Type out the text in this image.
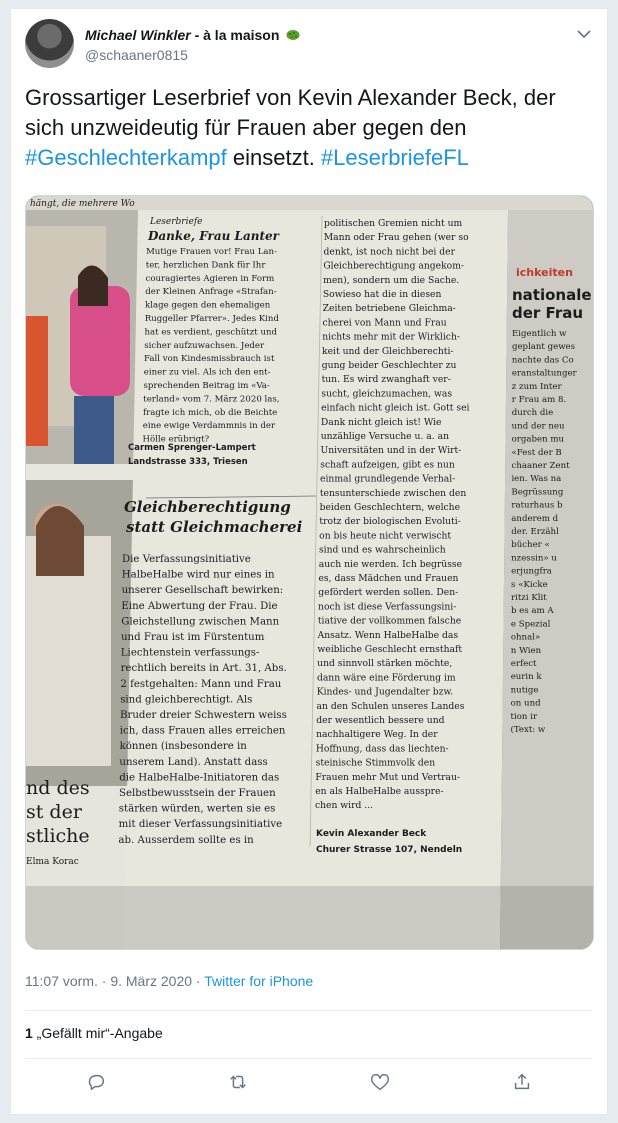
Michael Winkler - à la maison
@schaaner0815
Grossartiger Leserbrief von Kevin Alexander Beck, der sich unzweideutig für Frauen aber gegen den #Geschlechterkampf einsetzt. #LeserbriefeFL
hängt, die mehrere Wo
nd des
st der
stliche
Elma Korac
Leserbriefe
Danke, Frau Lanter
Mutige Frauen vor! Frau Lan-
ter, herzlichen Dank für Ihr
couragiertes Agieren in Form
der Kleinen Anfrage «Strafan-
klage gegen den ehemaligen
Ruggeller Pfarrer». Jedes Kind
hat es verdient, geschützt und
sicher aufzuwachsen. Jeder
Fall von Kindesmissbrauch ist
einer zu viel. Als ich den ent-
sprechenden Beitrag im «Va-
terland» vom 7. März 2020 las,
fragte ich mich, ob die Beichte
eine ewige Verdammnis in der
Hölle erübrigt?
Carmen Sprenger-Lampert
Landstrasse 333, Triesen
Gleichberechtigung
statt Gleichmacherei
Die Verfassungsinitiative
HalbeHalbe wird nur eines in
unserer Gesellschaft bewirken:
Eine Abwertung der Frau. Die
Gleichstellung zwischen Mann
und Frau ist im Fürstentum
Liechtenstein verfassungs-
rechtlich bereits in Art. 31, Abs.
2 festgehalten: Mann und Frau
sind gleichberechtigt. Als
Bruder dreier Schwestern weiss
ich, dass Frauen alles erreichen
können (insbesondere in
unserem Land). Anstatt dass
die HalbeHalbe-Initiatoren das
Selbstbewusstsein der Frauen
stärken würden, werten sie es
mit dieser Verfassungsinitiative
ab. Ausserdem sollte es in
politischen Gremien nicht um
Mann oder Frau gehen (wer so
denkt, ist noch nicht bei der
Gleichberechtigung angekom-
men), sondern um die Sache.
Sowieso hat die in diesen
Zeiten betriebene Gleichma-
cherei von Mann und Frau
nichts mehr mit der Wirklich-
keit und der Gleichberechti-
gung beider Geschlechter zu
tun. Es wird zwanghaft ver-
sucht, gleichzumachen, was
einfach nicht gleich ist. Gott sei
Dank nicht gleich ist! Wie
unzählige Versuche u. a. an
Universitäten und in der Wirt-
schaft aufzeigen, gibt es nun
einmal grundlegende Verhal-
tensunterschiede zwischen den
beiden Geschlechtern, welche
trotz der biologischen Evoluti-
on bis heute nicht verwischt
sind und es wahrscheinlich
auch nie werden. Ich begrüsse
es, dass Mädchen und Frauen
gefördert werden sollen. Den-
noch ist diese Verfassungsini-
tiative der vollkommen falsche
Ansatz. Wenn HalbeHalbe das
weibliche Geschlecht ernsthaft
und sinnvoll stärken möchte,
dann wäre eine Förderung im
Kindes- und Jugendalter bzw.
an den Schulen unseres Landes
der wesentlich bessere und
nachhaltigere Weg. In der
Hoffnung, dass das liechten-
steinische Stimmvolk den
Frauen mehr Mut und Vertrau-
en als HalbeHalbe ausspre-
chen wird ...
Kevin Alexander Beck
Churer Strasse 107, Nendeln
ichkeiten
nationale
der Frau
Eigentlich w
geplant gewes
nachte das Co
eranstaltunger
z zum Inter
r Frau am 8.
durch die
und der neu
orgaben mu
«Fest der B
chaaner Zent
ien. Was na
Begrüssung
raturhaus b
anderem d
der. Erzähl
bücher «
nzessin» u
erjungfra
s «Kicke
ritzi Klit
b es am A
e Spezial
ohnal»
n Wien
erfect
eurin k
nutige
on und
tion ir
(Text: w
11:07 vorm. · 9. März 2020 · Twitter for iPhone
1 „Gefällt mir“-Angabe
